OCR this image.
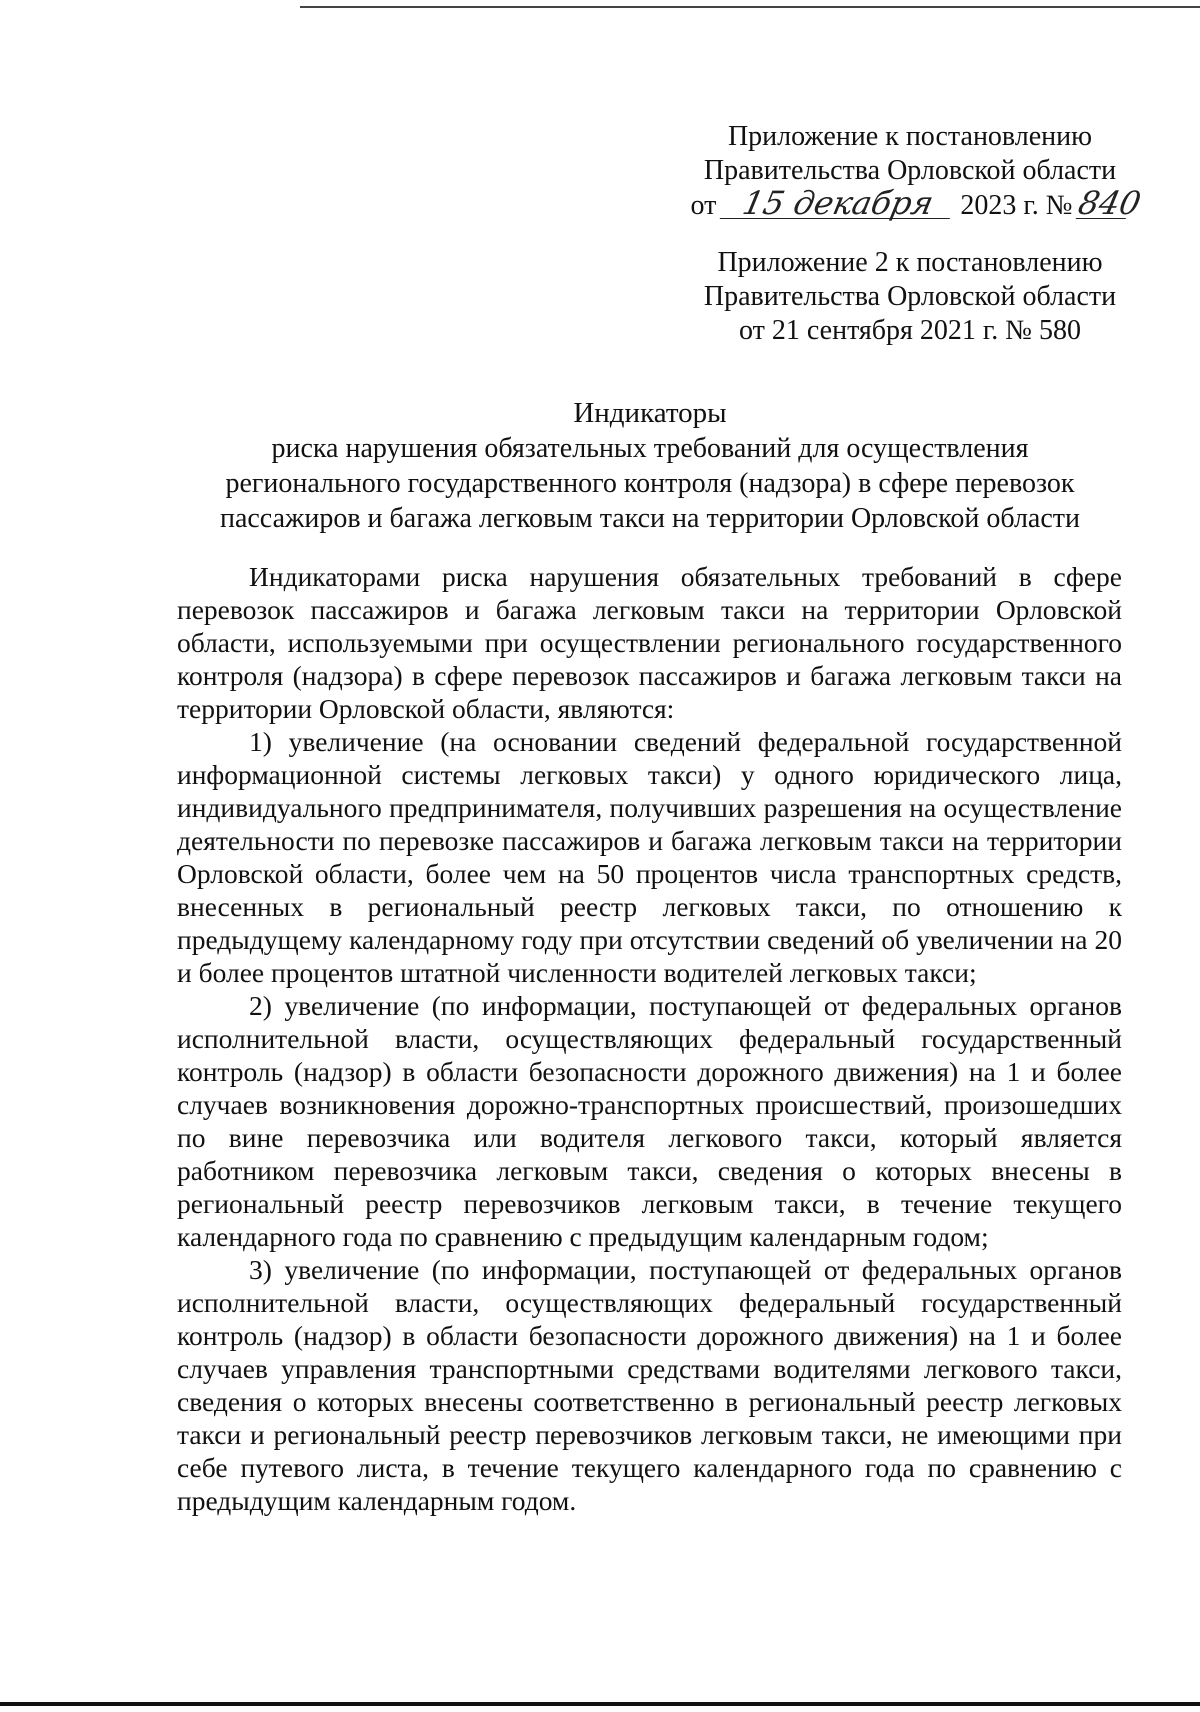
Приложение к постановлению
Правительства Орловской области
от 15 декабря 2023 г. № 840
Приложение 2 к постановлению
Правительства Орловской области
от 21 сентября 2021 г. № 580
Индикаторы
риска нарушения обязательных требований для осуществления
регионального государственного контроля (надзора) в сфере перевозок
пассажиров и багажа легковым такси на территории Орловской области

Индикаторами риска нарушения обязательных требований в сфере перевозок пассажиров и багажа легковым такси на территории Орловской области, используемыми при осуществлении регионального государственного контроля (надзора) в сфере перевозок пассажиров и багажа легковым такси на территории Орловской области, являются:

1) увеличение (на основании сведений федеральной государственной информационной системы легковых такси) у одного юридического лица, индивидуального предпринимателя, получивших разрешения на осуществление деятельности по перевозке пассажиров и багажа легковым такси на территории Орловской области, более чем на 50 процентов числа транспортных средств, внесенных в региональный реестр легковых такси, по отношению к предыдущему календарному году при отсутствии сведений об увеличении на 20 и более процентов штатной численности водителей легковых такси;

2) увеличение (по информации, поступающей от федеральных органов исполнительной власти, осуществляющих федеральный государственный контроль (надзор) в области безопасности дорожного движения) на 1 и более случаев возникновения дорожно-транспортных происшествий, произошедших по вине перевозчика или водителя легкового такси, который является работником перевозчика легковым такси, сведения о которых внесены в региональный реестр перевозчиков легковым такси, в течение текущего календарного года по сравнению с предыдущим календарным годом;

3) увеличение (по информации, поступающей от федеральных органов исполнительной власти, осуществляющих федеральный государственный контроль (надзор) в области безопасности дорожного движения) на 1 и более случаев управления транспортными средствами водителями легкового такси, сведения о которых внесены соответственно в региональный реестр легковых такси и региональный реестр перевозчиков легковым такси, не имеющими при себе путевого листа, в течение текущего календарного года по сравнению с предыдущим календарным годом.
